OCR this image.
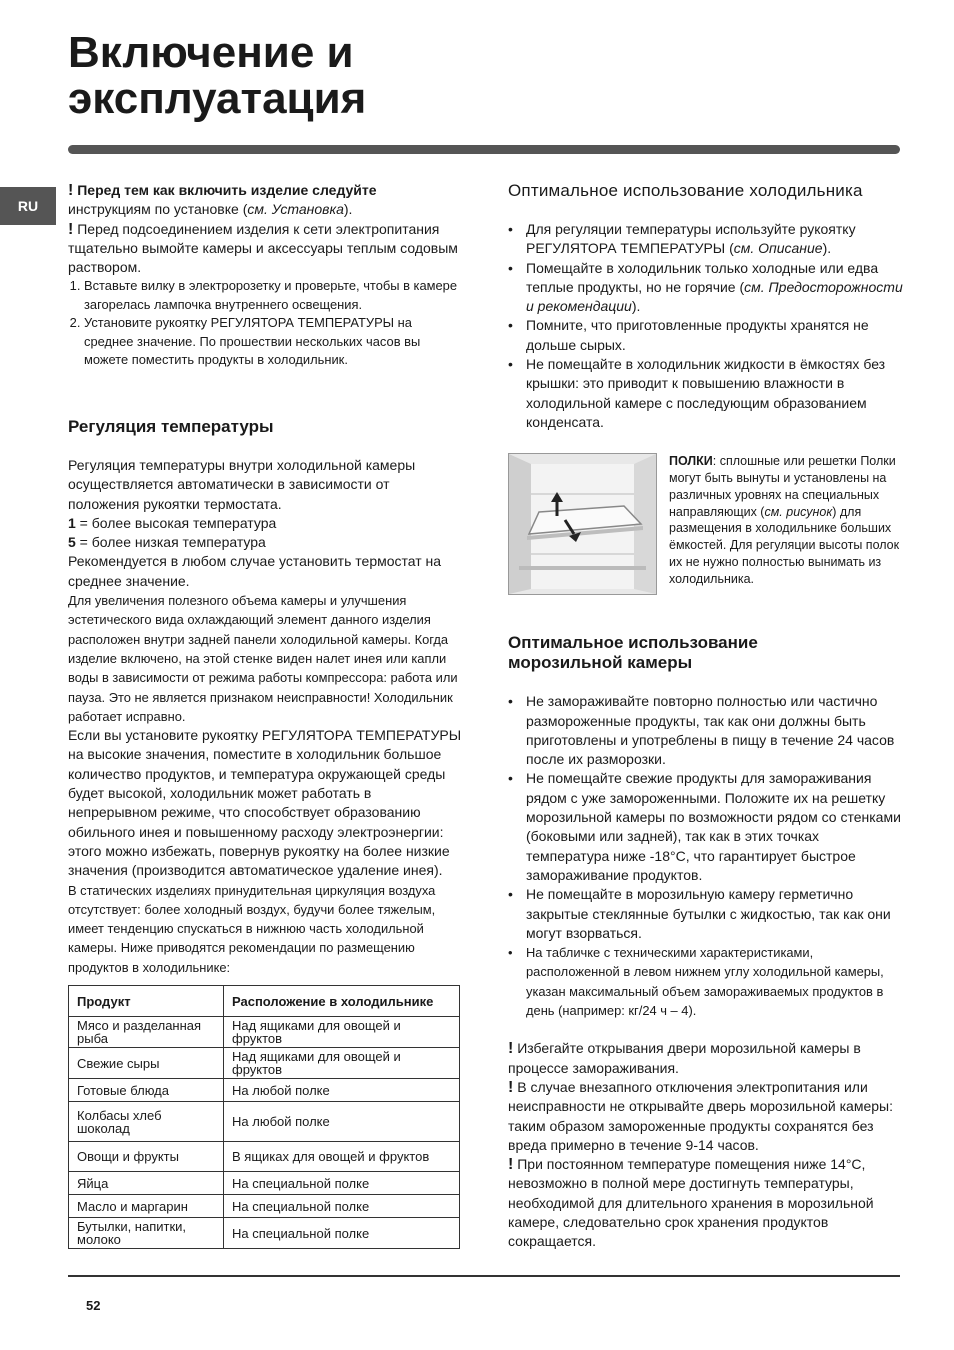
Включение и
эксплуатация
RU

! Перед тем как включить изделие следуйте
инструкциям по установке (см. Установка).

! Перед подсоединением изделия к сети электропитания тщательно вымойте камеры и аксессуары теплым содовым раствором.

1. Вставьте вилку в электророзетку и проверьте, чтобы в камере загорелась лампочка внутреннего освещения.
2. Установите рукоятку РЕГУЛЯТОРА ТЕМПЕРАТУРЫ на среднее значение. По прошествии нескольких часов вы можете поместить продукты в холодильник.
Регуляция температуры

Регуляция температуры внутри холодильной камеры осуществляется автоматически в зависимости от положения рукоятки термостата.

1 = более высокая температура

5 = более низкая температура

Рекомендуется в любом случае установить термостат на среднее значение.

Для увеличения полезного объема камеры и улучшения эстетического вида охлаждающий элемент данного изделия расположен внутри задней панели холодильной камеры. Когда изделие включено, на этой стенке виден налет инея или капли воды в зависимости от режима работы компрессора: работа или пауза. Это не является признаком неисправности! Холодильник работает исправно.

Если вы установите рукоятку РЕГУЛЯТОРА ТЕМПЕРАТУРЫ на высокие значения, поместите в холодильник большое количество продуктов, и температура окружающей среды будет высокой, холодильник может работать в непрерывном режиме, что способствует образованию обильного инея и повышенному расходу электроэнергии: этого можно избежать, повернув рукоятку на более низкие значения (производится автоматическое удаление инея).

В статических изделиях принудительная циркуляция воздуха отсутствует: более холодный воздух, будучи более тяжелым, имеет тенденцию спускаться в нижнюю часть холодильной камеры. Ниже приводятся рекомендации по размещению продуктов в холодильнике:

Продукт	Расположение в холодильнике
Мясо и разделанная рыба	Над ящиками для овощей и фруктов
Свежие сыры	Над ящиками для овощей и фруктов
Готовые блюда	На любой полке
Колбасы хлеб шоколад	На любой полке
Овощи и фрукты	В ящиках для овощей и фруктов
Яйца	На специальной полке
Масло и маргарин	На специальной полке
Бутылки, напитки, молоко	На специальной полке
Оптимальное использование холодильника
• Для регуляции температуры используйте рукоятку РЕГУЛЯТОРА ТЕМПЕРАТУРЫ (см. Описание).
• Помещайте в холодильник только холодные или едва теплые продукты, но не горячие (см. Предосторожности и рекомендации).
• Помните, что приготовленные продукты хранятся не дольше сырых.
• Не помещайте в холодильник жидкости в ёмкостях без крышки: это приводит к повышению влажности в холодильной камере с последующим образованием конденсата.
ПОЛКИ: сплошные или решетки Полки могут быть вынуты и установлены на различных уровнях на специальных направляющих (см. рисунок) для размещения в холодильнике больших ёмкостей. Для регуляции высоты полок их не нужно полностью вынимать из холодильника.
Оптимальное использование
морозильной камеры
• Не замораживайте повторно полностью или частично размороженные продукты, так как они должны быть приготовлены и употреблены в пищу в течение 24 часов после их разморозки.
• Не помещайте свежие продукты для замораживания рядом с уже замороженными. Положите их на решетку морозильной камеры по возможности рядом со стенками (боковыми или задней), так как в этих точках температура ниже -18°С, что гарантирует быстрое замораживание продуктов.
• Не помещайте в морозильную камеру герметично закрытые стеклянные бутылки с жидкостью, так как они могут взорваться.
• На табличке с техническими характеристиками, расположенной в левом нижнем углу холодильной камеры, указан максимальный объем замораживаемых продуктов в день (например: кг/24 ч – 4).

! Избегайте открывания двери морозильной камеры в процессе замораживания.

! В случае внезапного отключения электропитания или неисправности не открывайте дверь морозильной камеры: таким образом замороженные продукты сохранятся без вреда примерно в течение 9-14 часов.

! При постоянном температуре помещения ниже 14°С, невозможно в полной мере достигнуть температуры, необходимой для длительного хранения в морозильной камере, следовательно срок хранения продуктов сокращается.

52
